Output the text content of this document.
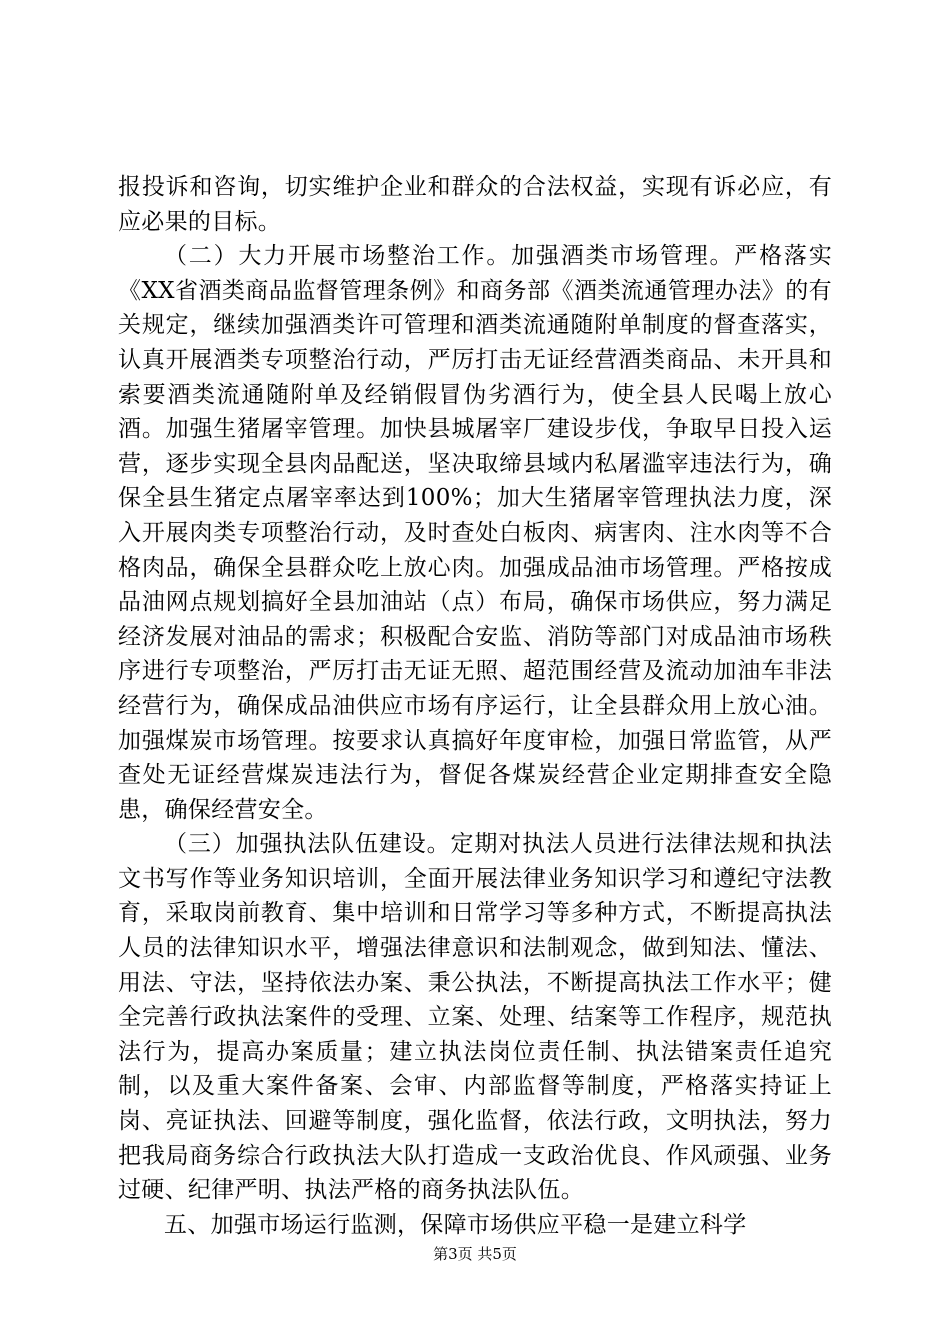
报投诉和咨询，切实维护企业和群众的合法权益，实现有诉必应，有应必果的目标。

（二）大力开展市场整治工作。加强酒类市场管理。严格落实《XX省酒类商品监督管理条例》和商务部《酒类流通管理办法》的有关规定，继续加强酒类许可管理和酒类流通随附单制度的督查落实，认真开展酒类专项整治行动，严厉打击无证经营酒类商品、未开具和索要酒类流通随附单及经销假冒伪劣酒行为，使全县人民喝上放心酒。加强生猪屠宰管理。加快县城屠宰厂建设步伐，争取早日投入运营，逐步实现全县肉品配送，坚决取缔县域内私屠滥宰违法行为，确保全县生猪定点屠宰率达到100%；加大生猪屠宰管理执法力度，深入开展肉类专项整治行动，及时查处白板肉、病害肉、注水肉等不合格肉品，确保全县群众吃上放心肉。加强成品油市场管理。严格按成品油网点规划搞好全县加油站（点）布局，确保市场供应，努力满足经济发展对油品的需求；积极配合安监、消防等部门对成品油市场秩序进行专项整治，严厉打击无证无照、超范围经营及流动加油车非法经营行为，确保成品油供应市场有序运行，让全县群众用上放心油。加强煤炭市场管理。按要求认真搞好年度审检，加强日常监管，从严查处无证经营煤炭违法行为，督促各煤炭经营企业定期排查安全隐患，确保经营安全。

（三）加强执法队伍建设。定期对执法人员进行法律法规和执法文书写作等业务知识培训，全面开展法律业务知识学习和遵纪守法教育，采取岗前教育、集中培训和日常学习等多种方式，不断提高执法人员的法律知识水平，增强法律意识和法制观念，做到知法、懂法、用法、守法，坚持依法办案、秉公执法，不断提高执法工作水平；健全完善行政执法案件的受理、立案、处理、结案等工作程序，规范执法行为，提高办案质量；建立执法岗位责任制、执法错案责任追究制，以及重大案件备案、会审、内部监督等制度，严格落实持证上岗、亮证执法、回避等制度，强化监督，依法行政，文明执法，努力把我局商务综合行政执法大队打造成一支政治优良、作风顽强、业务过硬、纪律严明、执法严格的商务执法队伍。

五、加强市场运行监测，保障市场供应平稳一是建立科学

第3页 共5页
